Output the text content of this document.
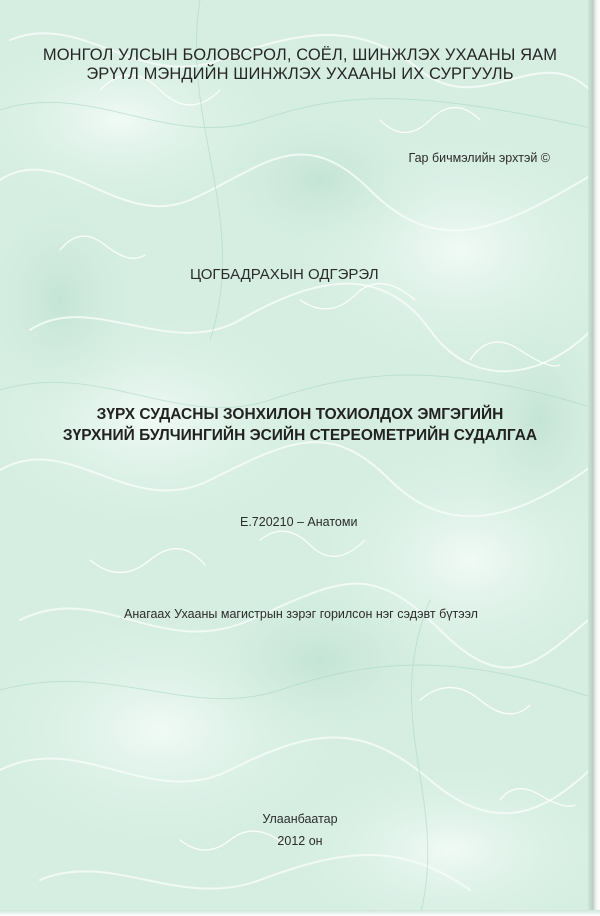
МОНГОЛ УЛСЫН БОЛОВСРОЛ, СОЁЛ, ШИНЖЛЭХ УХААНЫ ЯАМ
ЭРҮҮЛ МЭНДИЙН ШИНЖЛЭХ УХААНЫ ИХ СУРГУУЛЬ

Гар бичмэлийн эрхтэй ©

ЦОГБАДРАХЫН ОДГЭРЭЛ

ЗҮРХ СУДАСНЫ ЗОНХИЛОН ТОХИОЛДОХ ЭМГЭГИЙН
ЗҮРХНИЙ БУЛЧИНГИЙН ЭСИЙН СТЕРЕОМЕТРИЙН СУДАЛГАА

Е.720210 – Анатоми

Анагаах Ухааны магистрын зэрэг горилсон нэг сэдэвт бүтээл

Улаанбаатар
2012 он
